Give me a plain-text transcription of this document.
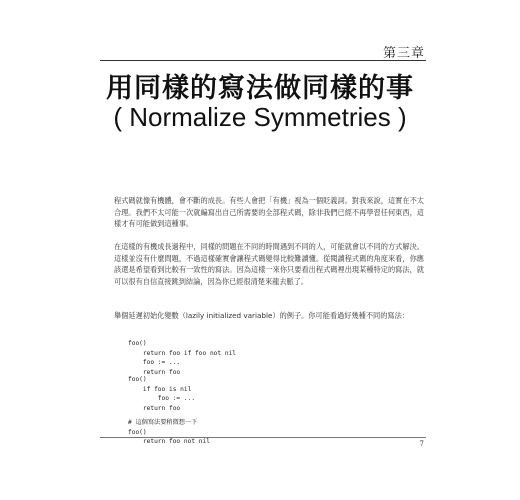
第三章
用同樣的寫法做同樣的事
( Normalize Symmetries )
程式碼就像有機體，會不斷的成長。有些人會把「有機」視為一個貶義詞。對我來說，這實在不太合理。我們不太可能一次就編寫出自己所需要的全部程式碼，除非我們已經不再學習任何東西，這樣才有可能做到這種事。
在這樣的有機成長過程中，同樣的問題在不同的時間遇到不同的人，可能就會以不同的方式解決。這樣並沒有什麼問題，不過這樣確實會讓程式碼變得比較難讀懂。從閱讀程式碼的角度來看，你應該還是希望看到比較有一致性的寫法。因為這樣一來你只要看出程式碼裡出現某種特定的寫法，就可以很有自信直接跳到結論，因為你已經很清楚來龍去脈了。
舉個延遲初始化變數（lazily initialized variable）的例子。你可能看過好幾種不同的寫法：
foo()
return foo if foo not nil
foo := ...
return foo
foo()
if foo is nil
foo := ...
return foo
# 這個寫法要稍微想一下
foo()
return foo not nil	7
